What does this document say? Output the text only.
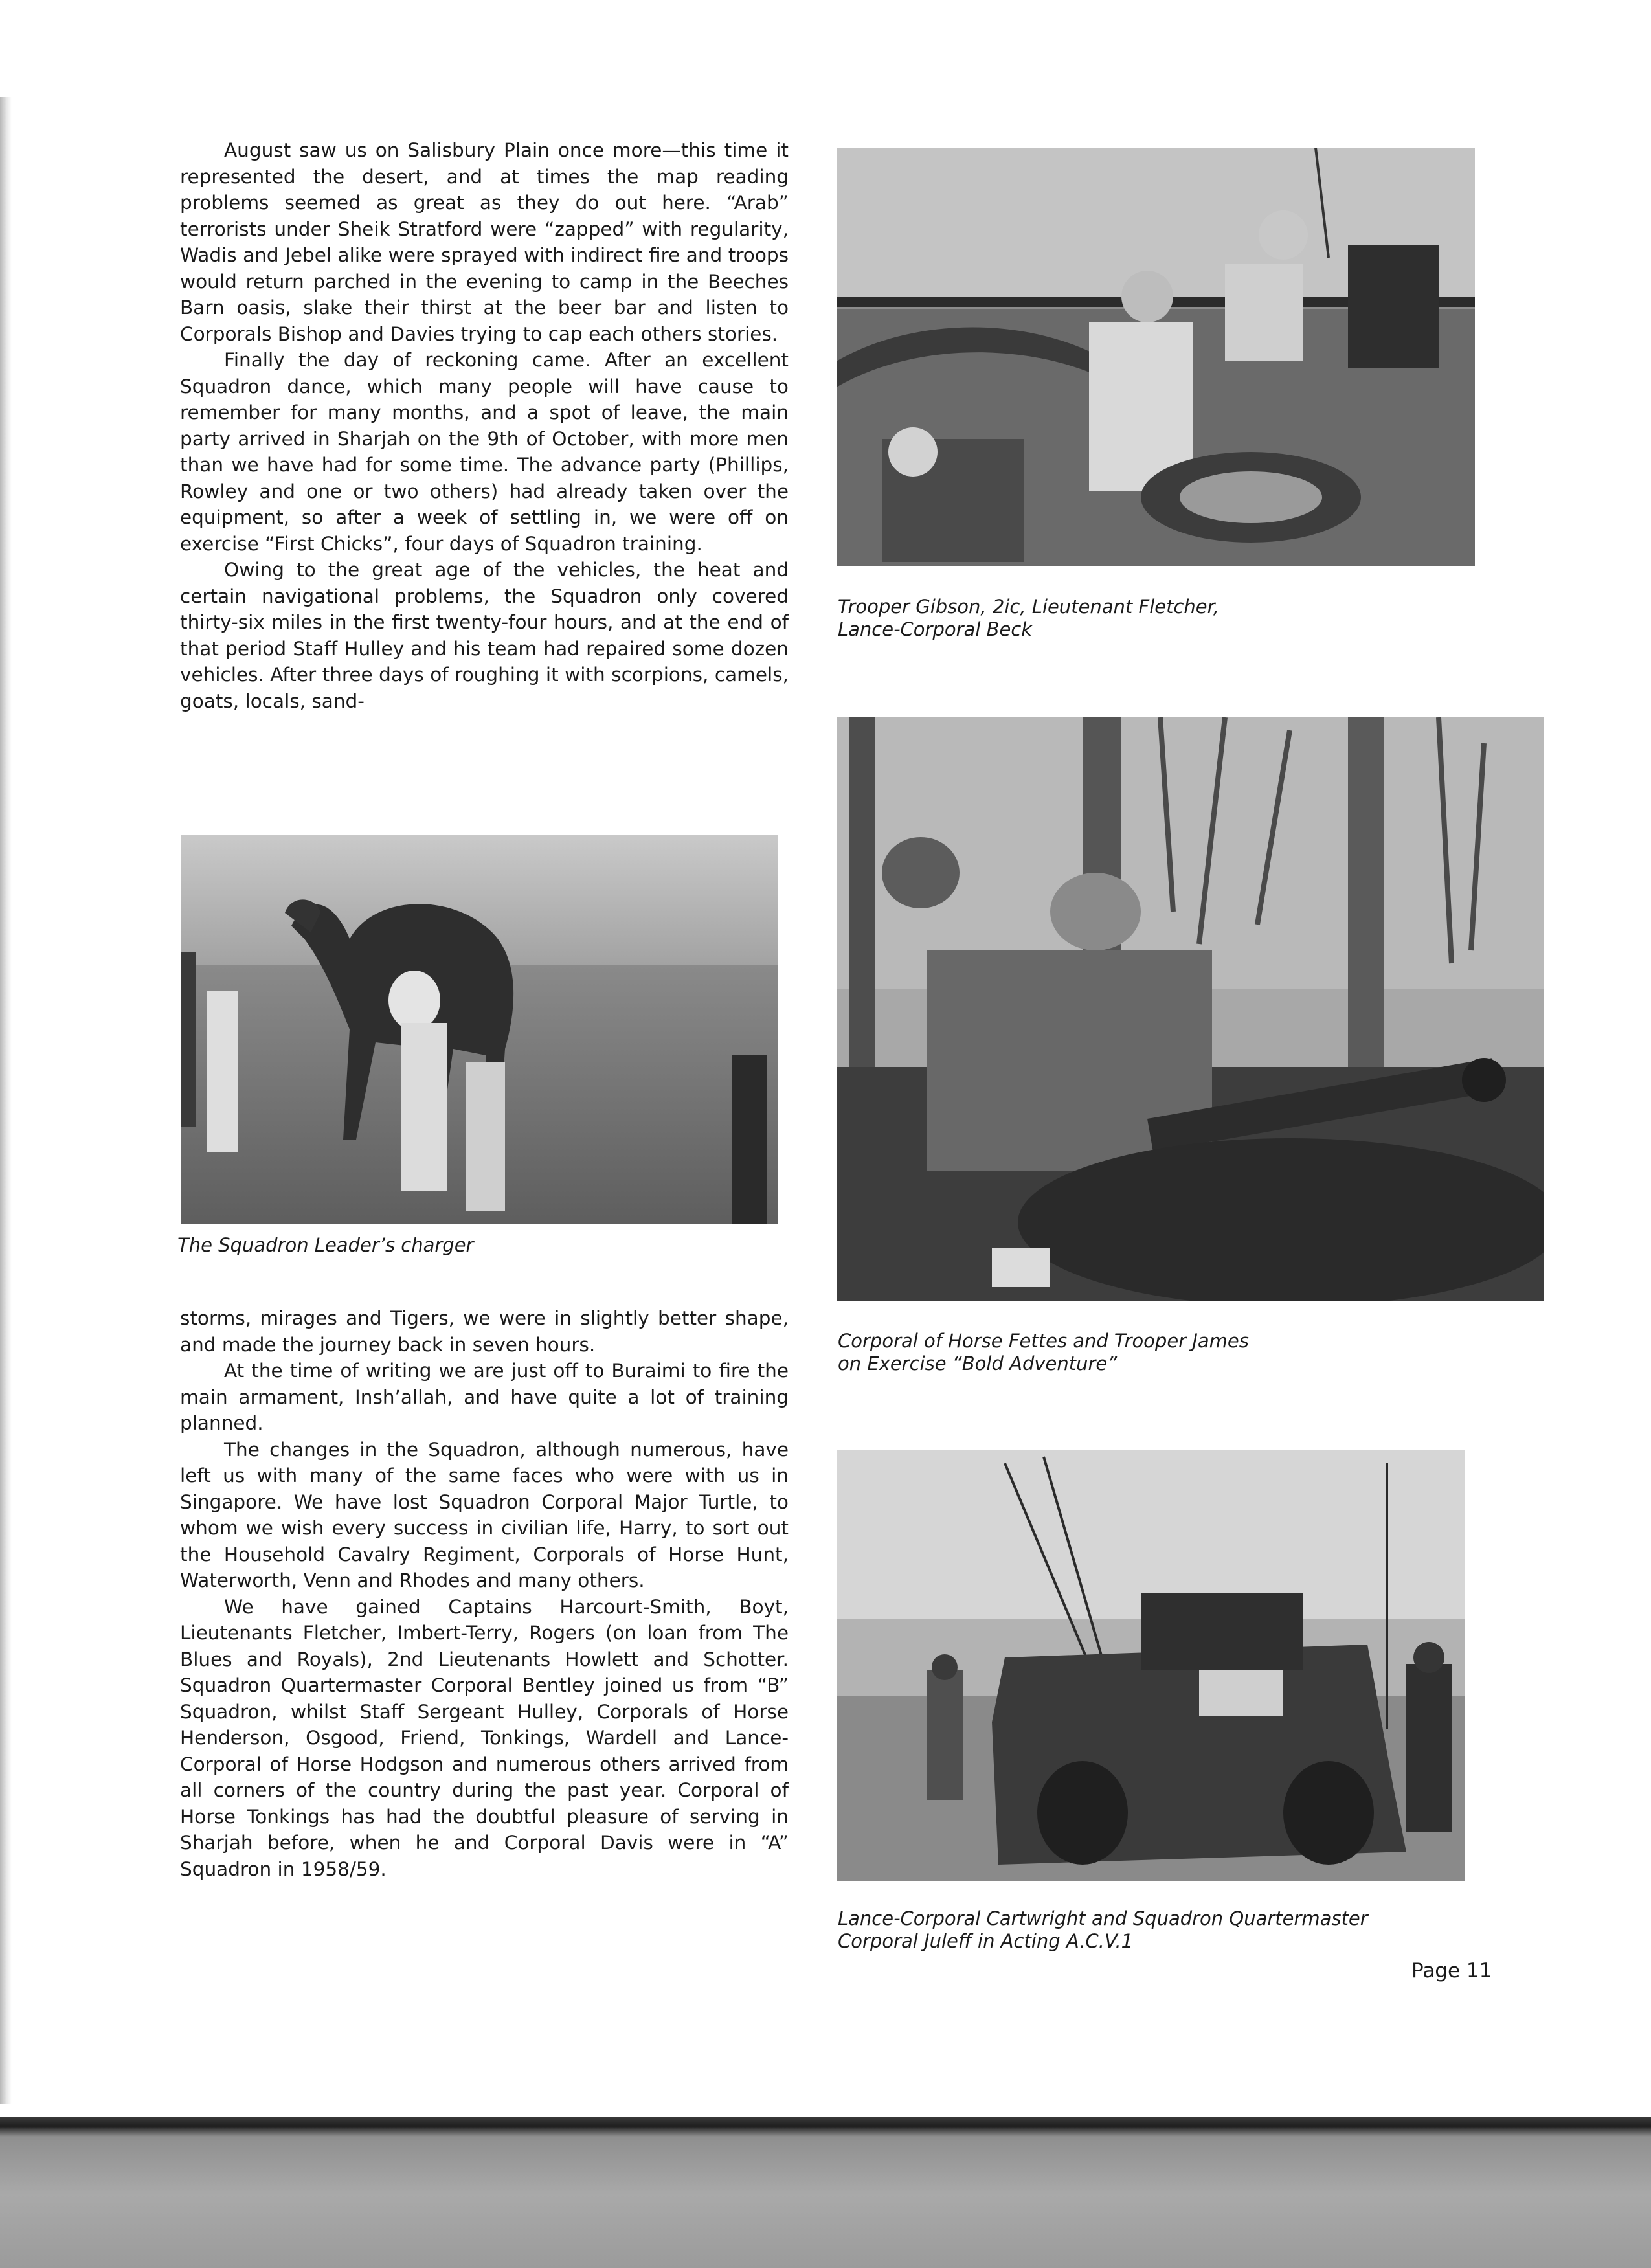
August saw us on Salisbury Plain once more—this time it represented the desert, and at times the map reading problems seemed as great as they do out here. “Arab” terrorists under Sheik Stratford were “zapped” with regularity, Wadis and Jebel alike were sprayed with indirect fire and troops would return parched in the evening to camp in the Beeches Barn oasis, slake their thirst at the beer bar and listen to Corporals Bishop and Davies trying to cap each others stories.

Finally the day of reckoning came. After an excellent Squadron dance, which many people will have cause to remember for many months, and a spot of leave, the main party arrived in Sharjah on the 9th of October, with more men than we have had for some time. The advance party (Phillips, Rowley and one or two others) had already taken over the equipment, so after a week of settling in, we were off on exercise “First Chicks”, four days of Squadron training.

Owing to the great age of the vehicles, the heat and certain navigational problems, the Squadron only covered thirty-six miles in the first twenty-four hours, and at the end of that period Staff Hulley and his team had repaired some dozen vehicles. After three days of roughing it with scorpions, camels, goats, locals, sand-

The Squadron Leader’s charger

storms, mirages and Tigers, we were in slightly better shape, and made the journey back in seven hours.

At the time of writing we are just off to Buraimi to fire the main armament, Insh’allah, and have quite a lot of training planned.

The changes in the Squadron, although numerous, have left us with many of the same faces who were with us in Singapore. We have lost Squadron Corporal Major Turtle, to whom we wish every success in civilian life, Harry, to sort out the Household Cavalry Regiment, Corporals of Horse Hunt, Waterworth, Venn and Rhodes and many others.

We have gained Captains Harcourt-Smith, Boyt, Lieutenants Fletcher, Imbert-Terry, Rogers (on loan from The Blues and Royals), 2nd Lieutenants Howlett and Schotter. Squadron Quartermaster Corporal Bentley joined us from “B” Squadron, whilst Staff Sergeant Hulley, Corporals of Horse Henderson, Osgood, Friend, Tonkings, Wardell and Lance-Corporal of Horse Hodgson and numerous others arrived from all corners of the country during the past year. Corporal of Horse Tonkings has had the doubtful pleasure of serving in Sharjah before, when he and Corporal Davis were in “A” Squadron in 1958/59.

Trooper Gibson, 2ic, Lieutenant Fletcher,
Lance-Corporal Beck
Corporal of Horse Fettes and Trooper James
on Exercise “Bold Adventure”
Lance-Corporal Cartwright and Squadron Quartermaster
Corporal Juleff in Acting A.C.V.1
Page 11
